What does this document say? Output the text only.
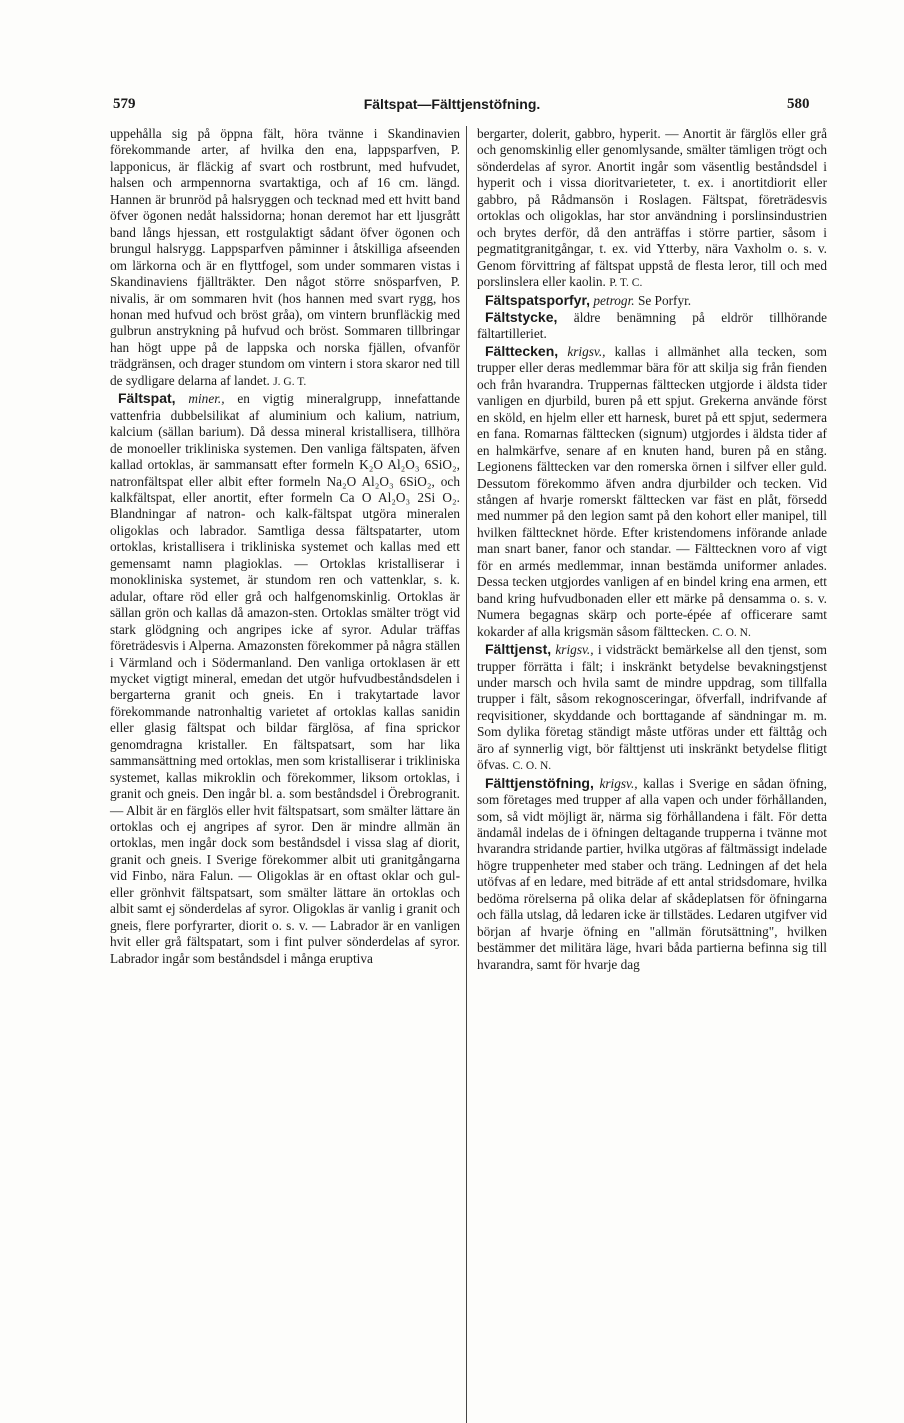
579	Fältspat—Fälttjenstöfning.	580

uppehålla sig på öppna fält, höra tvänne i Skandinavien förekommande arter, af hvilka den ena, lappsparfven, P. lapponicus, är fläckig af svart och rostbrunt, med hufvudet, halsen och armpennorna svartaktiga, och af 16 cm. längd. Hannen är brunröd på halsryggen och tecknad med ett hvitt band öfver ögonen nedåt halssidorna; honan deremot har ett ljusgrått band långs hjessan, ett rostgulaktigt sådant öfver ögonen och brungul halsrygg. Lappsparfven påminner i åtskilliga afseenden om lärkorna och är en flyttfogel, som under sommaren vistas i Skandinaviens fjällträkter. Den något större snösparfven, P. nivalis, är om sommaren hvit (hos hannen med svart rygg, hos honan med hufvud och bröst gråa), om vintern brunfläckig med gulbrun anstrykning på hufvud och bröst. Sommaren tillbringar han högt uppe på de lappska och norska fjällen, ofvanför trädgränsen, och drager stundom om vintern i stora skaror ned till de sydligare delarna af landet. J. G. T.

Fältspat, miner., en vigtig mineralgrupp, innefattande vattenfria dubbelsilikat af aluminium och kalium, natrium, kalcium (sällan barium). Då dessa mineral kristallisera, tillhöra de monoeller trikliniska systemen. Den vanliga fältspaten, äfven kallad ortoklas, är sammansatt efter formeln K₂O Al₂O₃ 6SiO₂, natronfältspat eller albit efter formeln Na₂O Al₂O₃ 6SiO₂, och kalkfältspat, eller anortit, efter formeln Ca O Al₂O₃ 2Si O₂. Blandningar af natron- och kalk-fältspat utgöra mineralen oligoklas och labrador. Samtliga dessa fältspatarter, utom ortoklas, kristallisera i trikliniska systemet och kallas med ett gemensamt namn plagioklas. — Ortoklas kristalliserar i monokliniska systemet, är stundom ren och vattenklar, s. k. adular, oftare röd eller grå och halfgenomskinlig. Ortoklas är sällan grön och kallas då amazon-sten. Ortoklas smälter trögt vid stark glödgning och angripes icke af syror. Adular träffas företrädesvis i Alperna. Amazonsten förekommer på några ställen i Värmland och i Södermanland. Den vanliga ortoklasen är ett mycket vigtigt mineral, emedan det utgör hufvudbeståndsdelen i bergarterna granit och gneis. En i trakytartade lavor förekommande natronhaltig varietet af ortoklas kallas sanidin eller glasig fältspat och bildar färglösa, af fina sprickor genomdragna kristaller. En fältspatsart, som har lika sammansättning med ortoklas, men som kristalliserar i trikliniska systemet, kallas mikroklin och förekommer, liksom ortoklas, i granit och gneis. Den ingår bl. a. som beståndsdel i Örebrogranit. — Albit är en färglös eller hvit fältspatsart, som smälter lättare än ortoklas och ej angripes af syror. Den är mindre allmän än ortoklas, men ingår dock som beståndsdel i vissa slag af diorit, granit och gneis. I Sverige förekommer albit uti granitgångarna vid Finbo, nära Falun. — Oligoklas är en oftast oklar och gul- eller grönhvit fältspatsart, som smälter lättare än ortoklas och albit samt ej sönderdelas af syror. Oligoklas är vanlig i granit och gneis, flere porfyrarter, diorit o. s. v. — Labrador är en vanligen hvit eller grå fältspatart, som i fint pulver sönderdelas af syror. Labrador ingår som beståndsdel i många eruptiva

bergarter, dolerit, gabbro, hyperit. — Anortit är färglös eller grå och genomskinlig eller genomlysande, smälter tämligen trögt och sönderdelas af syror. Anortit ingår som väsentlig beståndsdel i hyperit och i vissa dioritvarieteter, t. ex. i anortitdiorit eller gabbro, på Rådmansön i Roslagen. Fältspat, företrädesvis ortoklas och oligoklas, har stor användning i porslinsindustrien och brytes derför, då den anträffas i större partier, såsom i pegmatitgranitgångar, t. ex. vid Ytterby, nära Vaxholm o. s. v. Genom förvittring af fältspat uppstå de flesta leror, till och med porslinslera eller kaolin. P. T. C.

Fältspatsporfyr, petrogr. Se Porfyr.

Fältstycke, äldre benämning på eldrör tillhörande fältartilleriet.

Fälttecken, krigsv., kallas i allmänhet alla tecken, som trupper eller deras medlemmar bära för att skilja sig från fienden och från hvarandra. Truppernas fälttecken utgjorde i äldsta tider vanligen en djurbild, buren på ett spjut. Grekerna använde först en sköld, en hjelm eller ett harnesk, buret på ett spjut, sedermera en fana. Romarnas fälttecken (signum) utgjordes i äldsta tider af en halmkärfve, senare af en knuten hand, buren på en stång. Legionens fälttecken var den romerska örnen i silfver eller guld. Dessutom förekommo äfven andra djurbilder och tecken. Vid stången af hvarje romerskt fälttecken var fäst en plåt, försedd med nummer på den legion samt på den kohort eller manipel, till hvilken fälttecknet hörde. Efter kristendomens införande anlade man snart baner, fanor och standar. — Fälttecknen voro af vigt för en armés medlemmar, innan bestämda uniformer anlades. Dessa tecken utgjordes vanligen af en bindel kring ena armen, ett band kring hufvudbonaden eller ett märke på densamma o. s. v. Numera begagnas skärp och porte-épée af officerare samt kokarder af alla krigsmän såsom fälttecken. C. O. N.

Fälttjenst, krigsv., i vidsträckt bemärkelse all den tjenst, som trupper förrätta i fält; i inskränkt betydelse bevakningstjenst under marsch och hvila samt de mindre uppdrag, som tillfalla trupper i fält, såsom rekognosceringar, öfverfall, indrifvande af reqvisitioner, skyddande och borttagande af sändningar m. m. Som dylika företag ständigt måste utföras under ett fälttåg och äro af synnerlig vigt, bör fälttjenst uti inskränkt betydelse flitigt öfvas. C. O. N.

Fälttjenstöfning, krigsv., kallas i Sverige en sådan öfning, som företages med trupper af alla vapen och under förhållanden, som, så vidt möjligt är, närma sig förhållandena i fält. För detta ändamål indelas de i öfningen deltagande trupperna i tvänne mot hvarandra stridande partier, hvilka utgöras af fältmässigt indelade högre truppenheter med staber och träng. Ledningen af det hela utöfvas af en ledare, med biträde af ett antal stridsdomare, hvilka bedöma rörelserna på olika delar af skådeplatsen för öfningarna och fälla utslag, då ledaren icke är tillstädes. Ledaren utgifver vid början af hvarje öfning en "allmän förutsättning", hvilken bestämmer det militära läge, hvari båda partierna befinna sig till hvarandra, samt för hvarje dag
